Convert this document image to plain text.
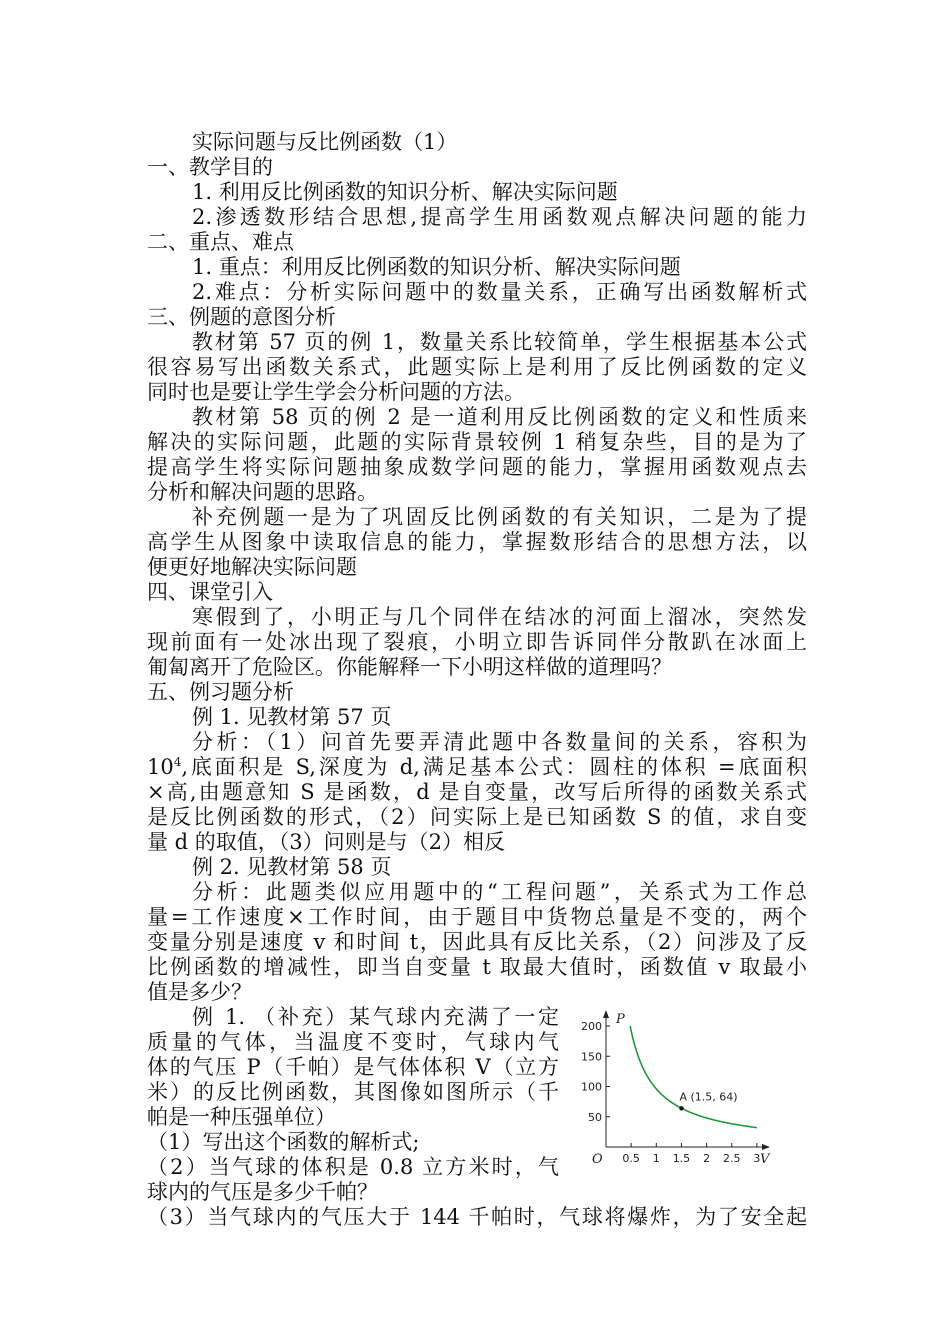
实际问题与反比例函数（1）
一、教学目的
1. 利用反比例函数的知识分析、解决实际问题
2.渗透数形结合思想,提高学生用函数观点解决问题的能力
二、重点、难点
1. 重点：利用反比例函数的知识分析、解决实际问题
2.难点：分析实际问题中的数量关系，正确写出函数解析式
三、例题的意图分析
教材第 57 页的例 1，数量关系比较简单，学生根据基本公式
很容易写出函数关系式，此题实际上是利用了反比例函数的定义
同时也是要让学生学会分析问题的方法。
教材第 58 页的例 2 是一道利用反比例函数的定义和性质来
解决的实际问题，此题的实际背景较例 1 稍复杂些，目的是为了
提高学生将实际问题抽象成数学问题的能力，掌握用函数观点去
分析和解决问题的思路。
补充例题一是为了巩固反比例函数的有关知识，二是为了提
高学生从图象中读取信息的能力，掌握数形结合的思想方法，以
便更好地解决实际问题
四、课堂引入
寒假到了，小明正与几个同伴在结冰的河面上溜冰，突然发
现前面有一处冰出现了裂痕，小明立即告诉同伴分散趴在冰面上
匍匐离开了危险区。你能解释一下小明这样做的道理吗？
五、例习题分析
例 1. 见教材第 57 页
分析：（1）问首先要弄清此题中各数量间的关系，容积为
$10^4$,底面积是 S,深度为 d,满足基本公式：圆柱的体积 =底面积
×高,由题意知 S 是函数，d 是自变量，改写后所得的函数关系式
是反比例函数的形式，（2）问实际上是已知函数 S 的值，求自变
量 d 的取值，（3）问则是与（2）相反
例 2. 见教材第 58 页
分析：此题类似应用题中的“工程问题”，关系式为工作总
量=工作速度×工作时间，由于题目中货物总量是不变的，两个
变量分别是速度 v 和时间 t，因此具有反比关系，（2）问涉及了反
比例函数的增减性，即当自变量 t 取最大值时，函数值 v 取最小
值是多少？
例 1. （补充）某气球内充满了一定
质量的气体，当温度不变时，气球内气
体的气压 P（千帕）是气体体积 V（立方
米）的反比例函数，其图像如图所示（千
帕是一种压强单位）
（1）写出这个函数的解析式;
（2）当气球的体积是 0.8 立方米时，气
球内的气压是多少千帕？
（3）当气球内的气压大于 144 千帕时，气球将爆炸，为了安全起
P
V
O 0.5 1 1.5 2 2.5 3
50
100
150
200
A (1.5, 64)
